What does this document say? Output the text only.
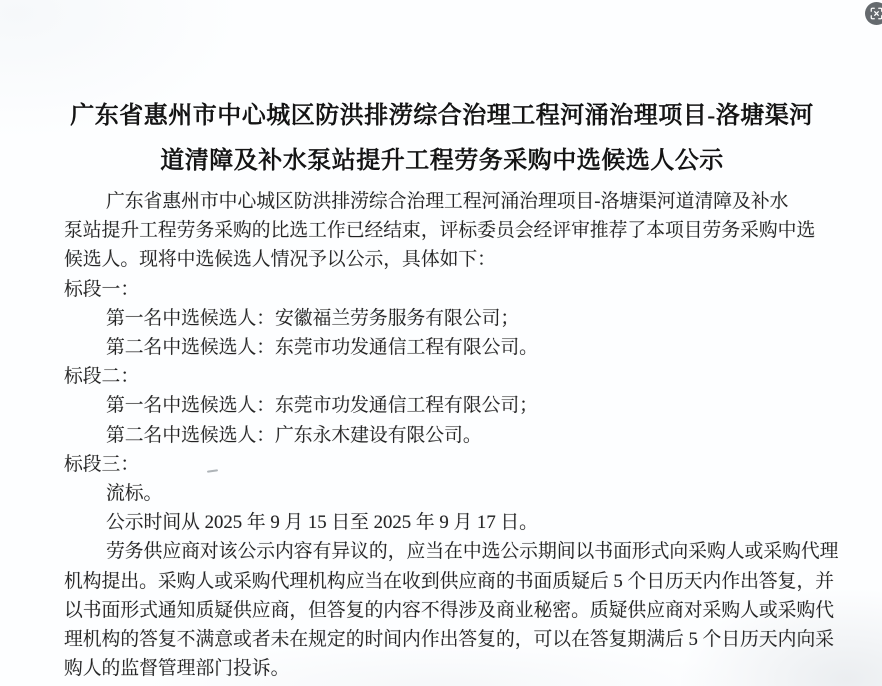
广东省惠州市中心城区防洪排涝综合治理工程河涌治理项目-洛塘渠河
道清障及补水泵站提升工程劳务采购中选候选人公示
广东省惠州市中心城区防洪排涝综合治理工程河涌治理项目-洛塘渠河道清障及补水
泵站提升工程劳务采购的比选工作已经结束，评标委员会经评审推荐了本项目劳务采购中选
候选人。现将中选候选人情况予以公示，具体如下：
标段一：
第一名中选候选人：安徽福兰劳务服务有限公司；
第二名中选候选人：东莞市功发通信工程有限公司。
标段二：
第一名中选候选人：东莞市功发通信工程有限公司；
第二名中选候选人：广东永木建设有限公司。
标段三：
流标。
公示时间从 2025 年 9 月 15 日至 2025 年 9 月 17 日。
劳务供应商对该公示内容有异议的，应当在中选公示期间以书面形式向采购人或采购代理
机构提出。采购人或采购代理机构应当在收到供应商的书面质疑后 5 个日历天内作出答复，并
以书面形式通知质疑供应商，但答复的内容不得涉及商业秘密。质疑供应商对采购人或采购代
理机构的答复不满意或者未在规定的时间内作出答复的，可以在答复期满后 5 个日历天内向采
购人的监督管理部门投诉。
